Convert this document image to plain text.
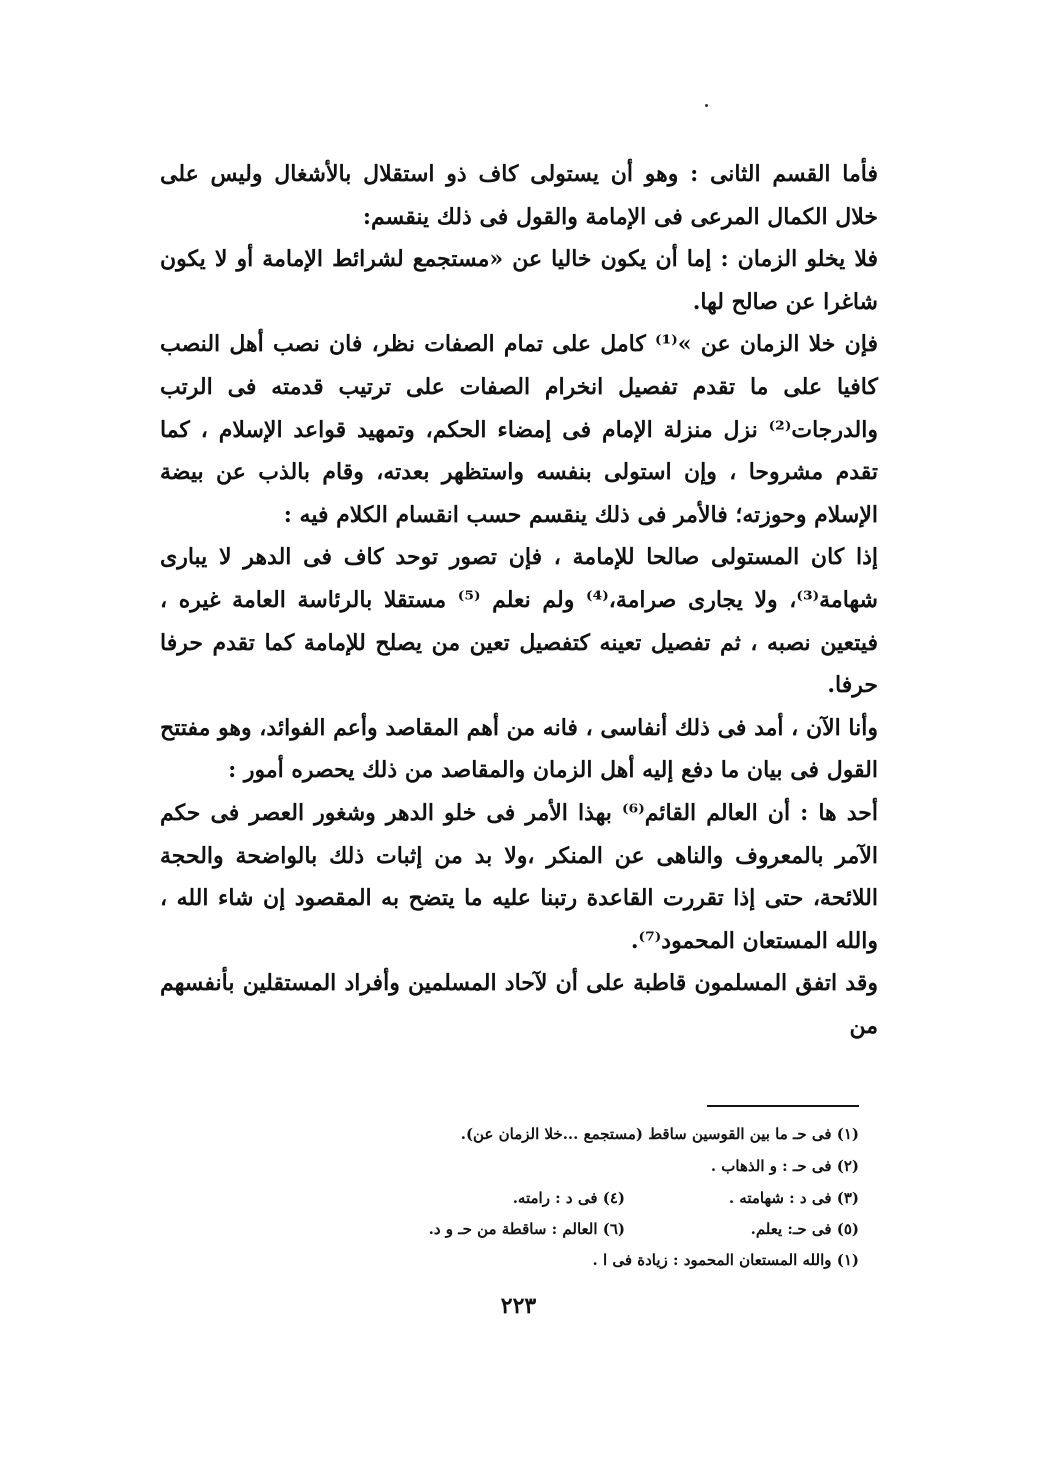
فأما القسم الثانى : وهو أن يستولى كاف ذو استقلال بالأشغال وليس على خلال الكمال المرعى فى الإمامة والقول فى ذلك ينقسم:

فلا يخلو الزمان : إما أن يكون خاليا عن «مستجمع لشرائط الإمامة أو لا يكون شاغرا عن صالح لها.

فإن خلا الزمان عن »⁽¹⁾ كامل على تمام الصفات نظر، فان نصب أهل النصب كافيا على ما تقدم تفصيل انخرام الصفات على ترتيب قدمته فى الرتب والدرجات⁽²⁾ نزل منزلة الإمام فى إمضاء الحكم، وتمهيد قواعد الإسلام ، كما تقدم مشروحا ، وإن استولى بنفسه واستظهر بعدته، وقام بالذب عن بيضة الإسلام وحوزته؛ فالأمر فى ذلك ينقسم حسب انقسام الكلام فيه :

إذا كان المستولى صالحا للإمامة ، فإن تصور توحد كاف فى الدهر لا يبارى شهامة⁽³⁾، ولا يجارى صرامة،⁽⁴⁾ ولم نعلم ⁽⁵⁾ مستقلا بالرئاسة العامة غيره ، فيتعين نصبه ، ثم تفصيل تعينه كتفصيل تعين من يصلح للإمامة كما تقدم حرفا حرفا.

وأنا الآن ، أمد فى ذلك أنفاسى ، فانه من أهم المقاصد وأعم الفوائد، وهو مفتتح القول فى بيان ما دفع إليه أهل الزمان والمقاصد من ذلك يحصره أمور :

أحد ها : أن العالم القائم⁽⁶⁾ بهذا الأمر فى خلو الدهر وشغور العصر فى حكم الآمر بالمعروف والناهى عن المنكر ،ولا بد من إثبات ذلك بالواضحة والحجة اللائحة، حتى إذا تقررت القاعدة رتبنا عليه ما يتضح به المقصود إن شاء الله ، والله المستعان المحمود⁽⁷⁾.

وقد اتفق المسلمون قاطبة على أن لآحاد المسلمين وأفراد المستقلين بأنفسهم من

(١) فى حـ ما بين القوسين ساقط (مستجمع ...خلا الزمان عن).
(٢) فى حـ : و الذهاب .
(٣) فى د : شهامته .
(٤) فى د : رامته.
(٥) فى حـ: يعلم.
(٦) العالم : ساقطة من حـ و د.
(١) والله المستعان المحمود : زيادة فى ا .
٢٢٣
